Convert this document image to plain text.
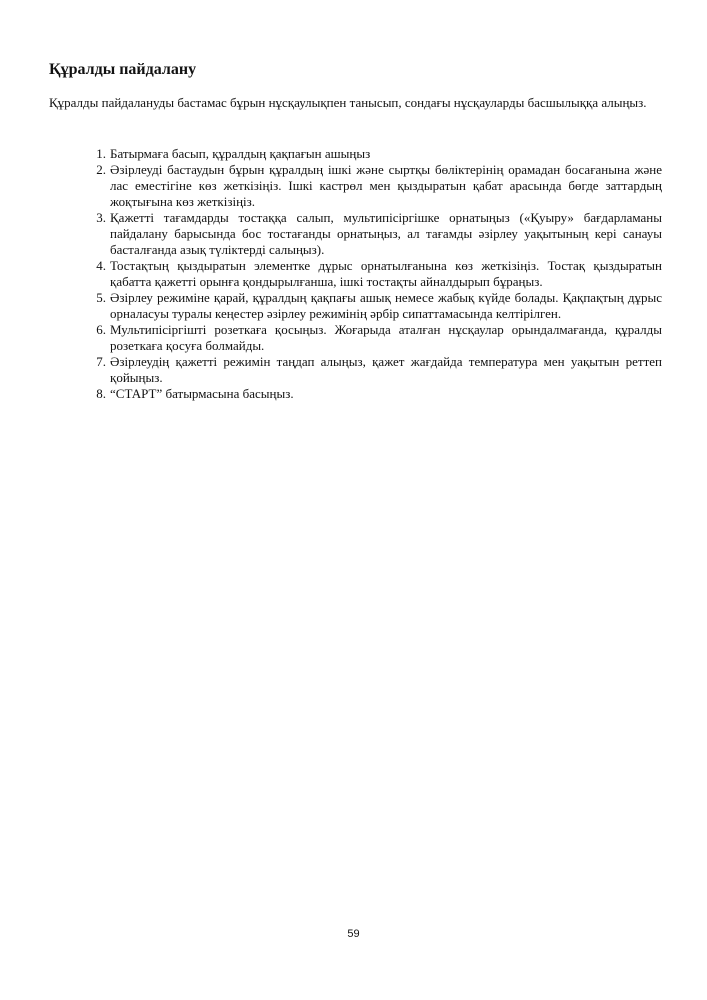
Құралды пайдалану

Құралды пайдалануды бастамас бұрын нұсқаулықпен танысып, сондағы нұсқауларды басшылыққа алыңыз.

1. Батырмаға басып, құралдың қақпағын ашыңыз
2. Әзірлеуді бастаудын бұрын құралдың ішкі және сыртқы бөліктерінің орамадан босағанына және лас еместігіне көз жеткізіңіз. Ішкі кастрөл мен қыздыратын қабат арасында бөгде заттардың жоқтығына көз жеткізіңіз.
3. Қажетті тағамдарды тостаққа салып, мультипісіргішке орнатыңыз («Қуыру» бағдарламаны пайдалану барысында бос тостағанды орнатыңыз, ал тағамды әзірлеу уақытының кері санауы басталғанда азық түліктерді салыңыз).
4. Тостақтың қыздыратын элементке дұрыс орнатылғанына көз жеткізіңіз. Тостақ қыздыратын қабатта қажетті орынға қондырылғанша, ішкі тостақты айналдырып бұраңыз.
5. Әзірлеу режиміне қарай, құралдың қақпағы ашық немесе жабық күйде болады. Қақпақтың дұрыс орналасуы туралы кеңестер әзірлеу режимінің әрбір сипаттамасында келтірілген.
6. Мультипісіргішті розеткаға қосыңыз. Жоғарыда аталған нұсқаулар орындалмағанда, құралды розеткаға қосуға болмайды.
7. Әзірлеудің қажетті режимін таңдап алыңыз, қажет жағдайда температура мен уақытын реттеп қойыңыз.
8. “СТАРТ” батырмасына басыңыз.
59
